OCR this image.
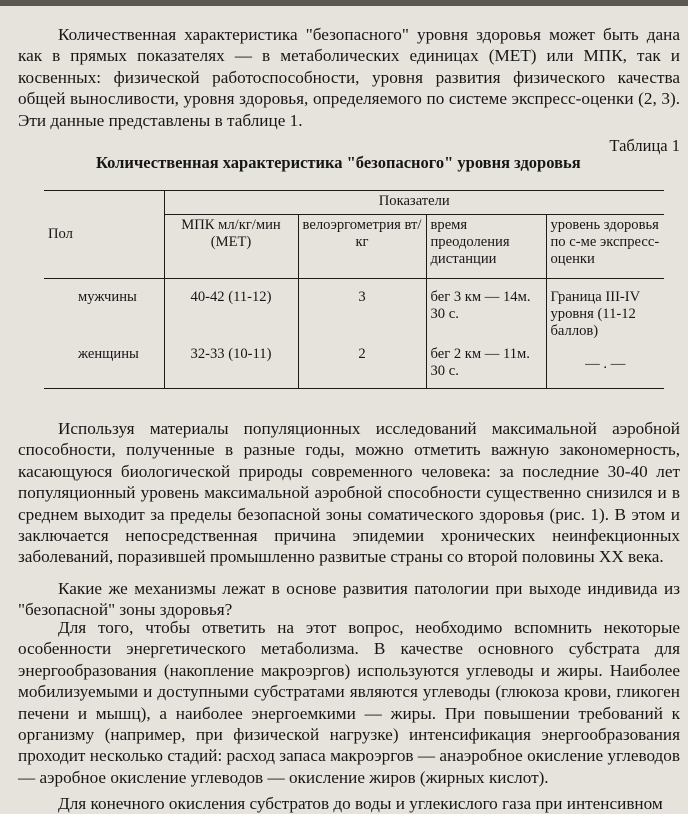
Количественная характеристика "безопасного" уровня здоровья может быть дана как в прямых показателях — в метаболических единицах (МЕТ) или МПК, так и косвенных: физической работоспособности, уровня развития физического качества общей выносливости, уровня здоровья, определяемого по системе экспресс-оценки (2, 3). Эти данные представлены в таблице 1.

Таблица 1
Количественная характеристика "безопасного" уровня здоровья
Пол	Показатели			
	МПК мл/кг/мин (МЕТ)	велоэргометрия вт/кг	время преодоления дистанции	уровень здоровья по с-ме экспресс-оценки
мужчины	40-42 (11-12)	3	бег 3 км — 14м. 30 с.	Граница III-IV уровня (11-12 баллов)
женщины	32-33 (10-11)	2	бег 2 км — 11м. 30 с.	— . —

Используя материалы популяционных исследований максимальной аэробной способности, полученные в разные годы, можно отметить важную закономерность, касающуюся биологической природы современного человека: за последние 30-40 лет популяционный уровень максимальной аэробной способности существенно снизился и в среднем выходит за пределы безопасной зоны соматического здоровья (рис. 1). В этом и заключается непосредственная причина эпидемии хронических неинфекционных заболеваний, поразившей промышленно развитые страны со второй половины XX века.

Какие же механизмы лежат в основе развития патологии при выходе индивида из "безопасной" зоны здоровья?

Для того, чтобы ответить на этот вопрос, необходимо вспомнить некоторые особенности энергетического метаболизма. В качестве основного субстрата для энергообразования (накопление макроэргов) используются углеводы и жиры. Наиболее мобилизуемыми и доступными субстратами являются углеводы (глюкоза крови, гликоген печени и мышц), а наиболее энергоемкими — жиры. При повышении требований к организму (например, при физической нагрузке) интенсификация энергообразования проходит несколько стадий: расход запаса макроэргов — анаэробное окисление углеводов — аэробное окисление углеводов — окисление жиров (жирных кислот).

Для конечного окисления субстратов до воды и углекислого газа при интенсивном
